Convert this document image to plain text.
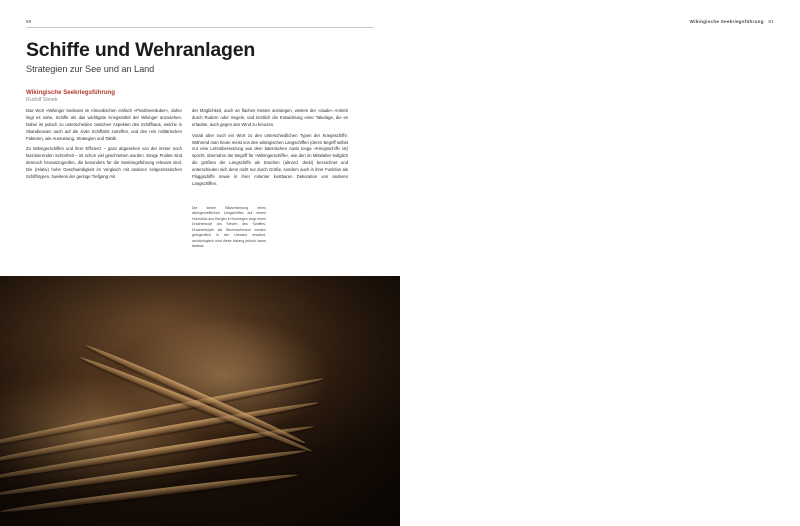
90
Schiffe und Wehranlagen
Strategien zur See und an Land
Wikingische Seekriegsführung
Rudolf Simek

Das Wort »Wikinger bedeutet im Altnordischen einfach »Pirat/Seeräuber«, daher liegt es nahe, Schiffe als das wichtigste Kriegsmittel der Wikinger anzusehen. Dabei ist jedoch zu unterscheiden zwischen Aspekten des Schiffbaus, welche in Skandinavien auch auf die zivile Schiffahrt zutreffen, und den rein militärischen Faktoren, wie Ausrüstung, Strategien und Taktik.

Zu Wikingerschiffen und ihrer Effizienz – ganz abgesehen von der immer noch faszinierenden Schönheit – ist schon viel geschrieben worden. Einige Punkte sind dennoch herauszugreifen, die besonders für die Seekriegsführung relevant sind: Die (relativ) hohe Geschwindigkeit im Vergleich mit anderen zeitgenössischen Schiffstypen, zweitens der geringe Tiefgang mit

der Möglichkeit, auch an flachen Küsten anzulegen, weiters der »duale« Antrieb durch Rudern oder Segeln, und letztlich die Entwicklung einer Takelage, die es erlaubte, auch gegen den Wind zu kreuzen.

Vorab aber noch ein Wort zu den unterschiedlichen Typen der Kriegsschiffe: Während man heute meist von den wikingischen Langschiffen (deren Begriff selbst nur eine Lehnübersetzung aus dem lateinischen navis longa »Kriegsschiff« ist) spricht, übernahm der Begriff für »Wikingerschiffe«, wie den im Mittelalter lediglich die größten der Langschiffe als Drachen (altnord. dreki) bezeichnet und unterschieden sich denn nicht nur durch Größe, sondern auch in ihrer Funktion als Flaggschiffe sowie in ihrer mitunter kostbaren Dekoration von anderen Langschiffen.

Die kleine Blitzzeichnung eines wikingerzeitlichen Langschiffes auf einem Holzstück aus Bergen in Norwegen zeigt einen Drachenkopf am Steven des Schiffes. Drachenköpfe als Stevenschmuck werden gelegentlich in der Literatur erwähnt, archäologisch sind diese bislang jedoch kaum fassbar.
Wikingische Seekriegsführung 91
